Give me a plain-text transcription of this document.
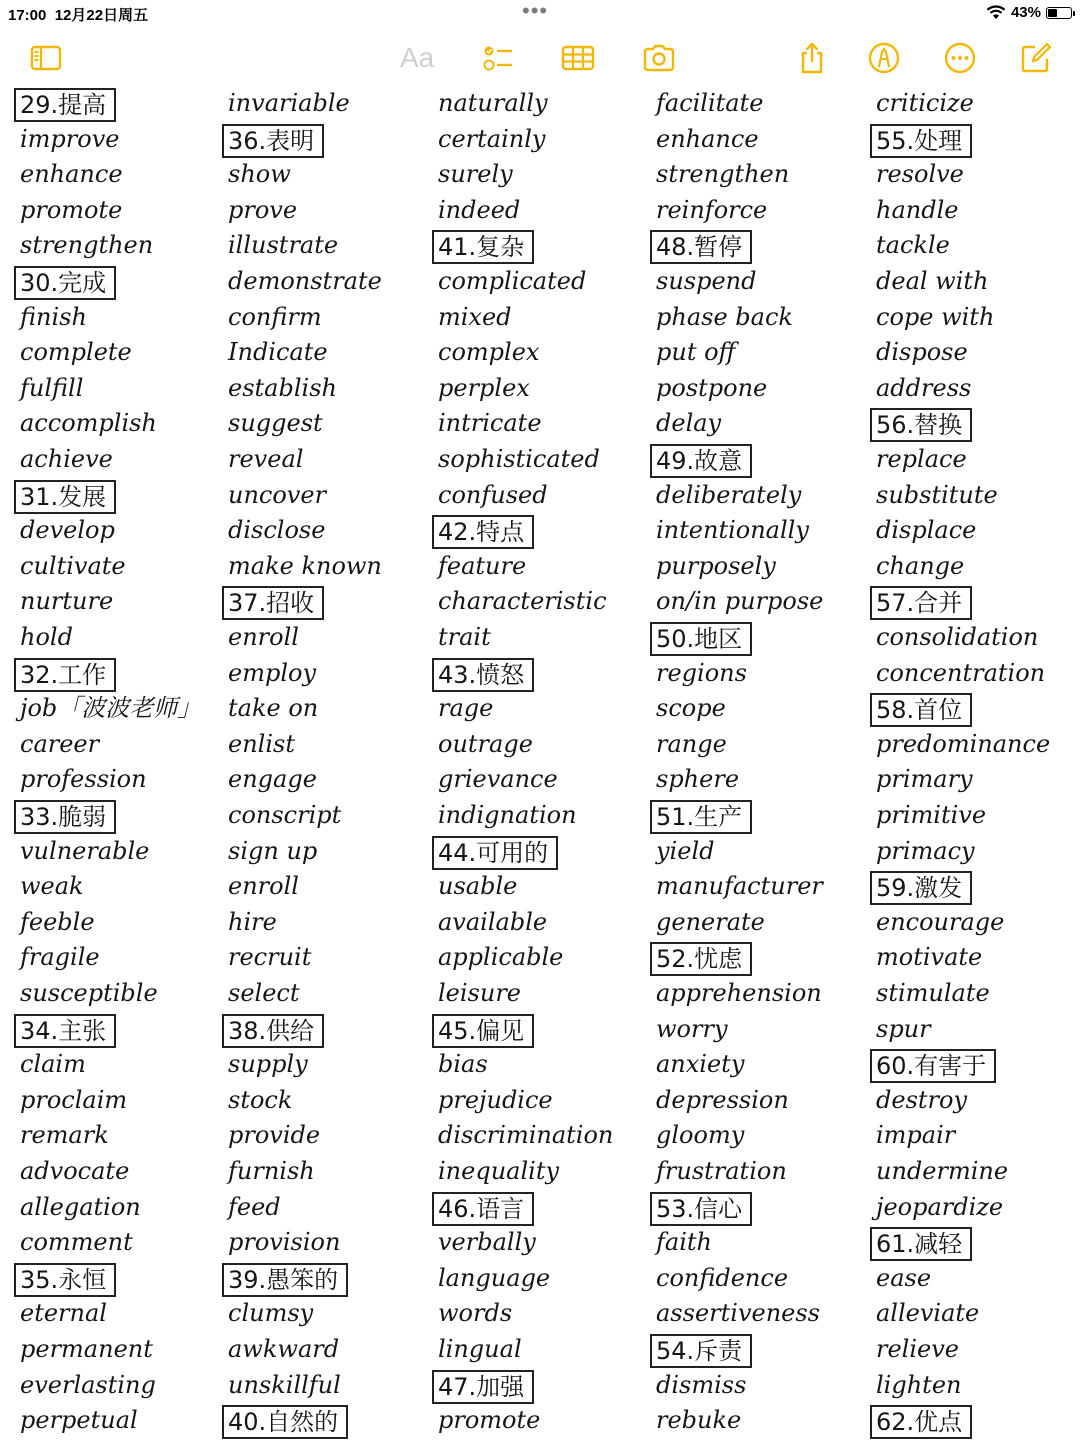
17:00 12月22日周五	•••	43%
Aa
29.提高
improve
enhance
promote
strengthen
30.完成
finish
complete
fulfill
accomplish
achieve
31.发展
develop
cultivate
nurture
hold
32.工作
job「波波老师」
career
profession
33.脆弱
vulnerable
weak
feeble
fragile
susceptible
34.主张
claim
proclaim
remark
advocate
allegation
comment
35.永恒
eternal
permanent
everlasting
perpetual
invariable
36.表明
show
prove
illustrate
demonstrate
confirm
Indicate
establish
suggest
reveal
uncover
disclose
make known
37.招收
enroll
employ
take on
enlist
engage
conscript
sign up
enroll
hire
recruit
select
38.供给
supply
stock
provide
furnish
feed
provision
39.愚笨的
clumsy
awkward
unskillful
40.自然的
naturally
certainly
surely
indeed
41.复杂
complicated
mixed
complex
perplex
intricate
sophisticated
confused
42.特点
feature
characteristic
trait
43.愤怒
rage
outrage
grievance
indignation
44.可用的
usable
available
applicable
leisure
45.偏见
bias
prejudice
discrimination
inequality
46.语言
verbally
language
words
lingual
47.加强
promote
facilitate
enhance
strengthen
reinforce
48.暂停
suspend
phase back
put off
postpone
delay
49.故意
deliberately
intentionally
purposely
on/in purpose
50.地区
regions
scope
range
sphere
51.生产
yield
manufacturer
generate
52.忧虑
apprehension
worry
anxiety
depression
gloomy
frustration
53.信心
faith
confidence
assertiveness
54.斥责
dismiss
rebuke
criticize
55.处理
resolve
handle
tackle
deal with
cope with
dispose
address
56.替换
replace
substitute
displace
change
57.合并
consolidation
concentration
58.首位
predominance
primary
primitive
primacy
59.激发
encourage
motivate
stimulate
spur
60.有害于
destroy
impair
undermine
jeopardize
61.减轻
ease
alleviate
relieve
lighten
62.优点
